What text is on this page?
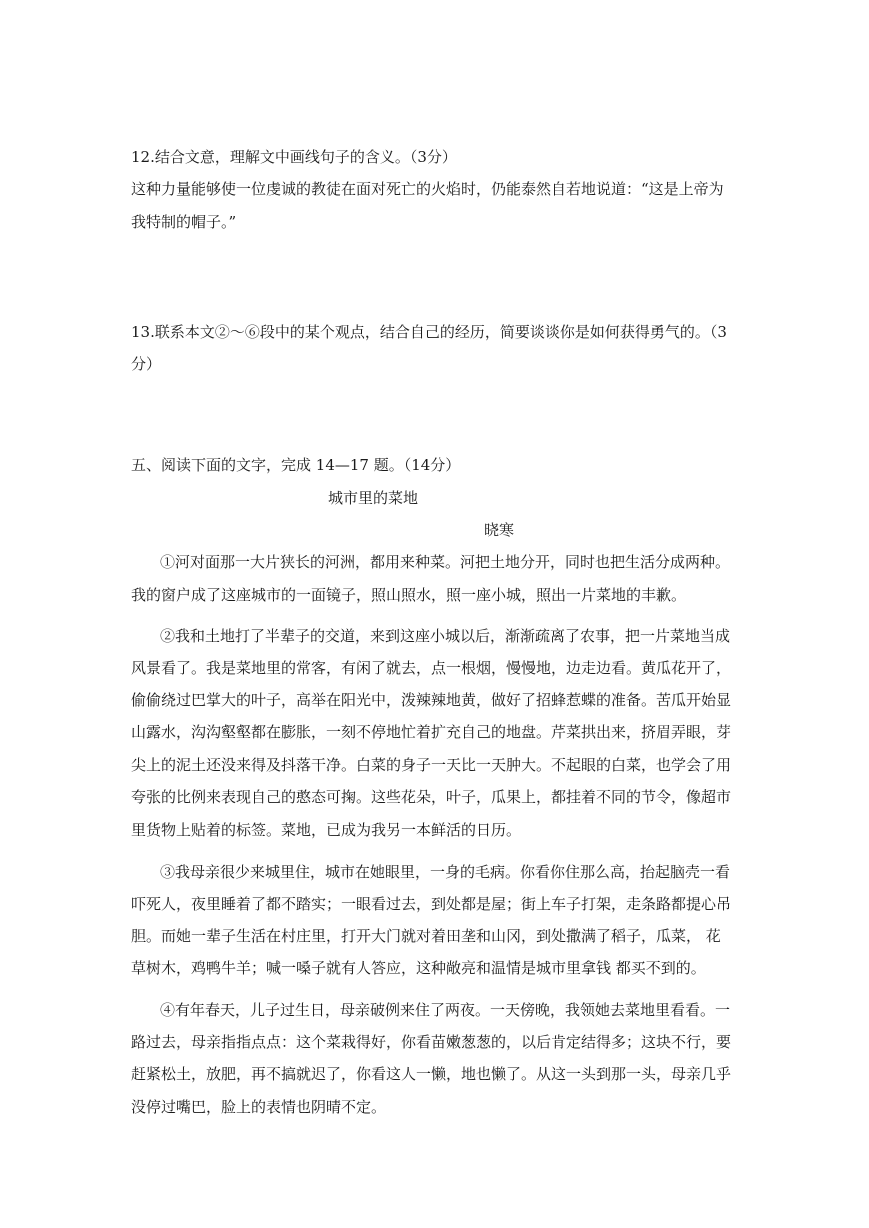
12.结合文意，理解文中画线句子的含义。（3分）
这种力量能够使一位虔诚的教徒在面对死亡的火焰时，仍能泰然自若地说道：“这是上帝为
我特制的帽子。”
13.联系本文②～⑥段中的某个观点，结合自己的经历，简要谈谈你是如何获得勇气的。（3
分）
五、阅读下面的文字，完成 14—17 题。（14分）
城市里的菜地
晓寒
①河对面那一大片狭长的河洲，都用来种菜。河把土地分开，同时也把生活分成两种。
我的窗户成了这座城市的一面镜子，照山照水，照一座小城，照出一片菜地的丰歉。
②我和土地打了半辈子的交道，来到这座小城以后，渐渐疏离了农事，把一片菜地当成
风景看了。我是菜地里的常客，有闲了就去，点一根烟，慢慢地，边走边看。黄瓜花开了，
偷偷绕过巴掌大的叶子，高举在阳光中，泼辣辣地黄，做好了招蜂惹蝶的准备。苦瓜开始显
山露水，沟沟壑壑都在膨胀，一刻不停地忙着扩充自己的地盘。芹菜拱出来，挤眉弄眼，芽
尖上的泥土还没来得及抖落干净。白菜的身子一天比一天肿大。不起眼的白菜，也学会了用
夸张的比例来表现自己的憨态可掬。这些花朵，叶子，瓜果上，都挂着不同的节令，像超市
里货物上贴着的标签。菜地，已成为我另一本鲜活的日历。
③我母亲很少来城里住，城市在她眼里，一身的毛病。你看你住那么高，抬起脑壳一看
吓死人，夜里睡着了都不踏实；一眼看过去，到处都是屋；街上车子打架，走条路都提心吊
胆。而她一辈子生活在村庄里，打开大门就对着田垄和山冈，到处撒满了稻子，瓜菜， 花
草树木，鸡鸭牛羊；喊一嗓子就有人答应，这种敞亮和温情是城市里拿钱 都买不到的。
④有年春天，儿子过生日，母亲破例来住了两夜。一天傍晚，我领她去菜地里看看。一
路过去，母亲指指点点：这个菜栽得好，你看苗嫩葱葱的，以后肯定结得多；这块不行，要
赶紧松土，放肥，再不搞就迟了，你看这人一懒，地也懒了。从这一头到那一头，母亲几乎
没停过嘴巴，脸上的表情也阴晴不定。
